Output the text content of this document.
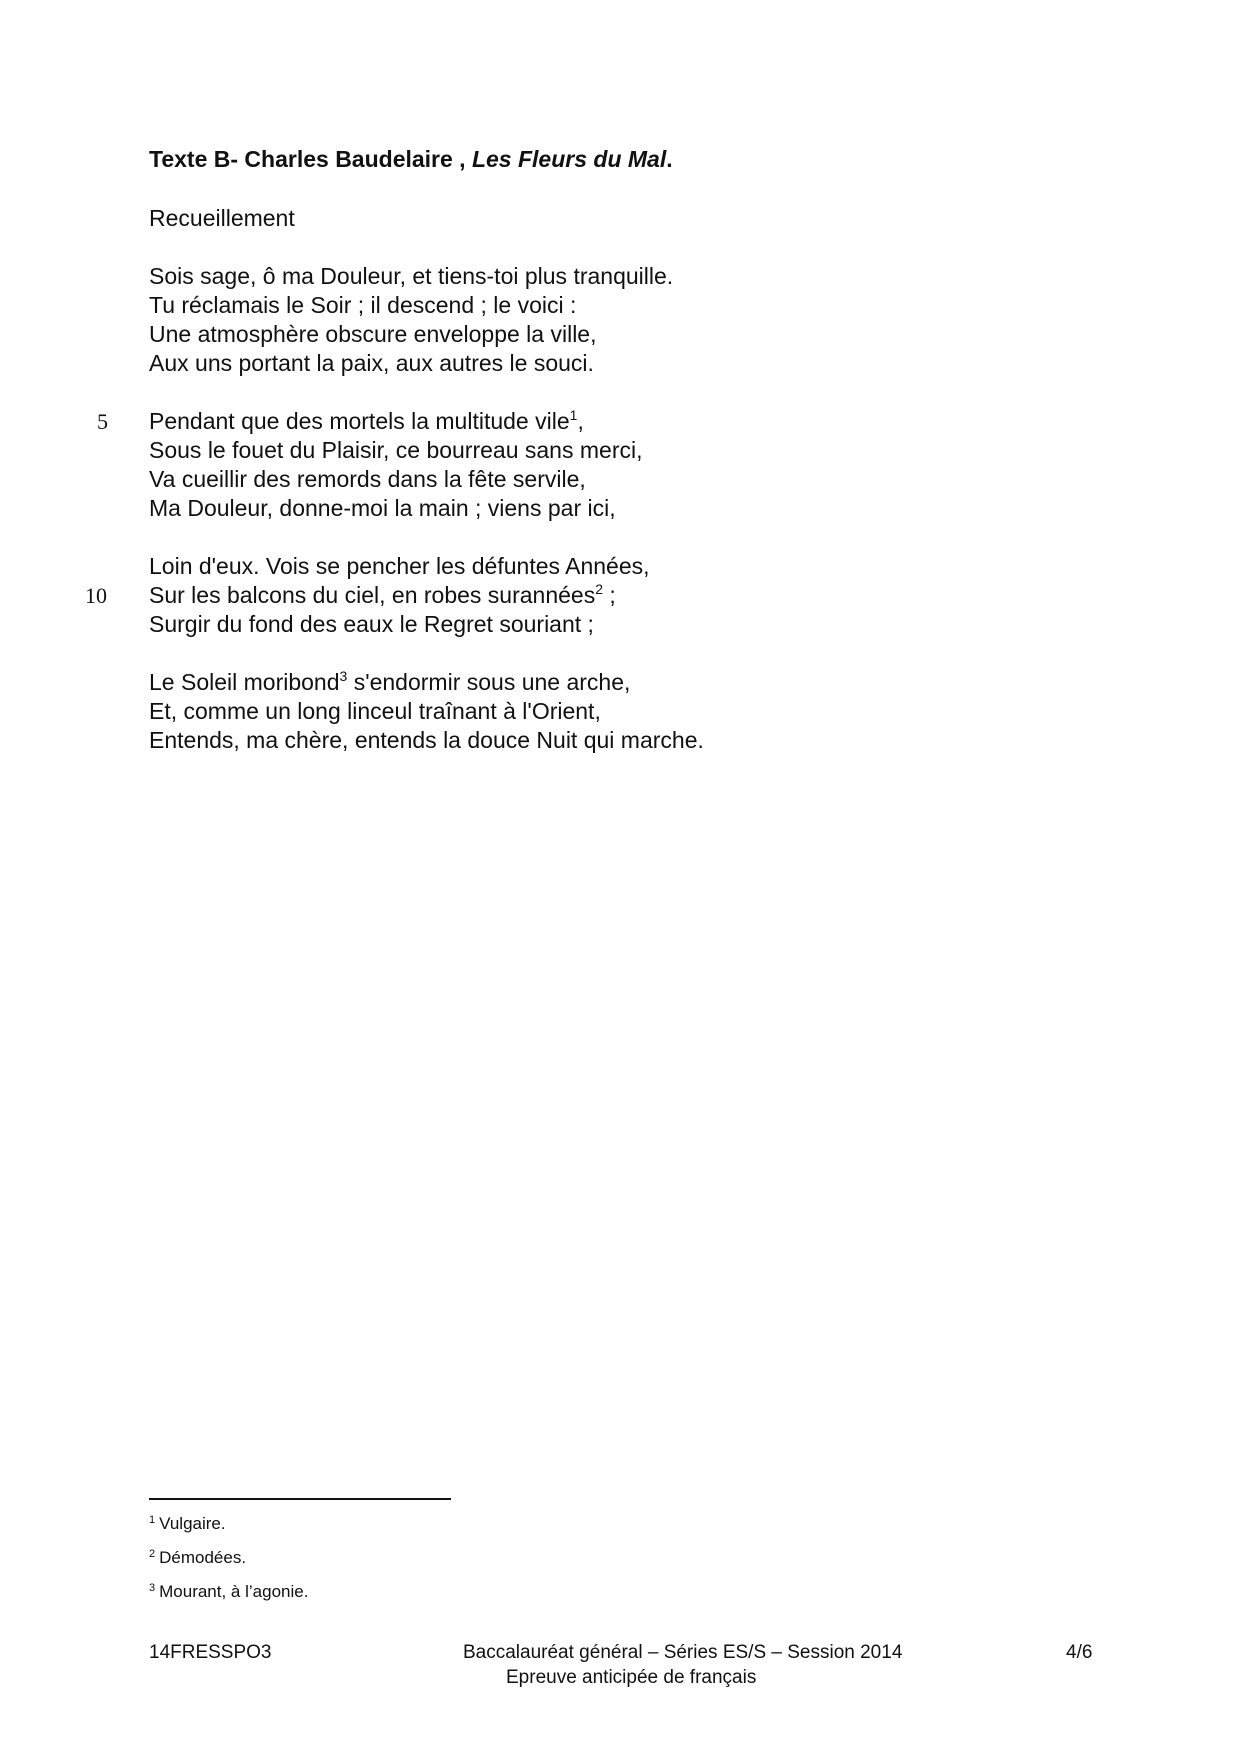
Texte B- Charles Baudelaire , Les Fleurs du Mal.
Recueillement
Sois sage, ô ma Douleur, et tiens-toi plus tranquille.
Tu réclamais le Soir ; il descend ; le voici :
Une atmosphère obscure enveloppe la ville,
Aux uns portant la paix, aux autres le souci.
5 Pendant que des mortels la multitude vile$^1$,
Sous le fouet du Plaisir, ce bourreau sans merci,
Va cueillir des remords dans la fête servile,
Ma Douleur, donne-moi la main ; viens par ici,
Loin d'eux. Vois se pencher les défuntes Années,
10 Sur les balcons du ciel, en robes surannées$^2$ ;
Surgir du fond des eaux le Regret souriant ;
Le Soleil moribond$^3$ s'endormir sous une arche,
Et, comme un long linceul traînant à l'Orient,
Entends, ma chère, entends la douce Nuit qui marche.
$^1$ Vulgaire.
$^2$ Démodées.
$^3$ Mourant, à l’agonie.
14FRESSPO3	Baccalauréat général – Séries ES/S – Session 2014
Epreuve anticipée de français
4/6
